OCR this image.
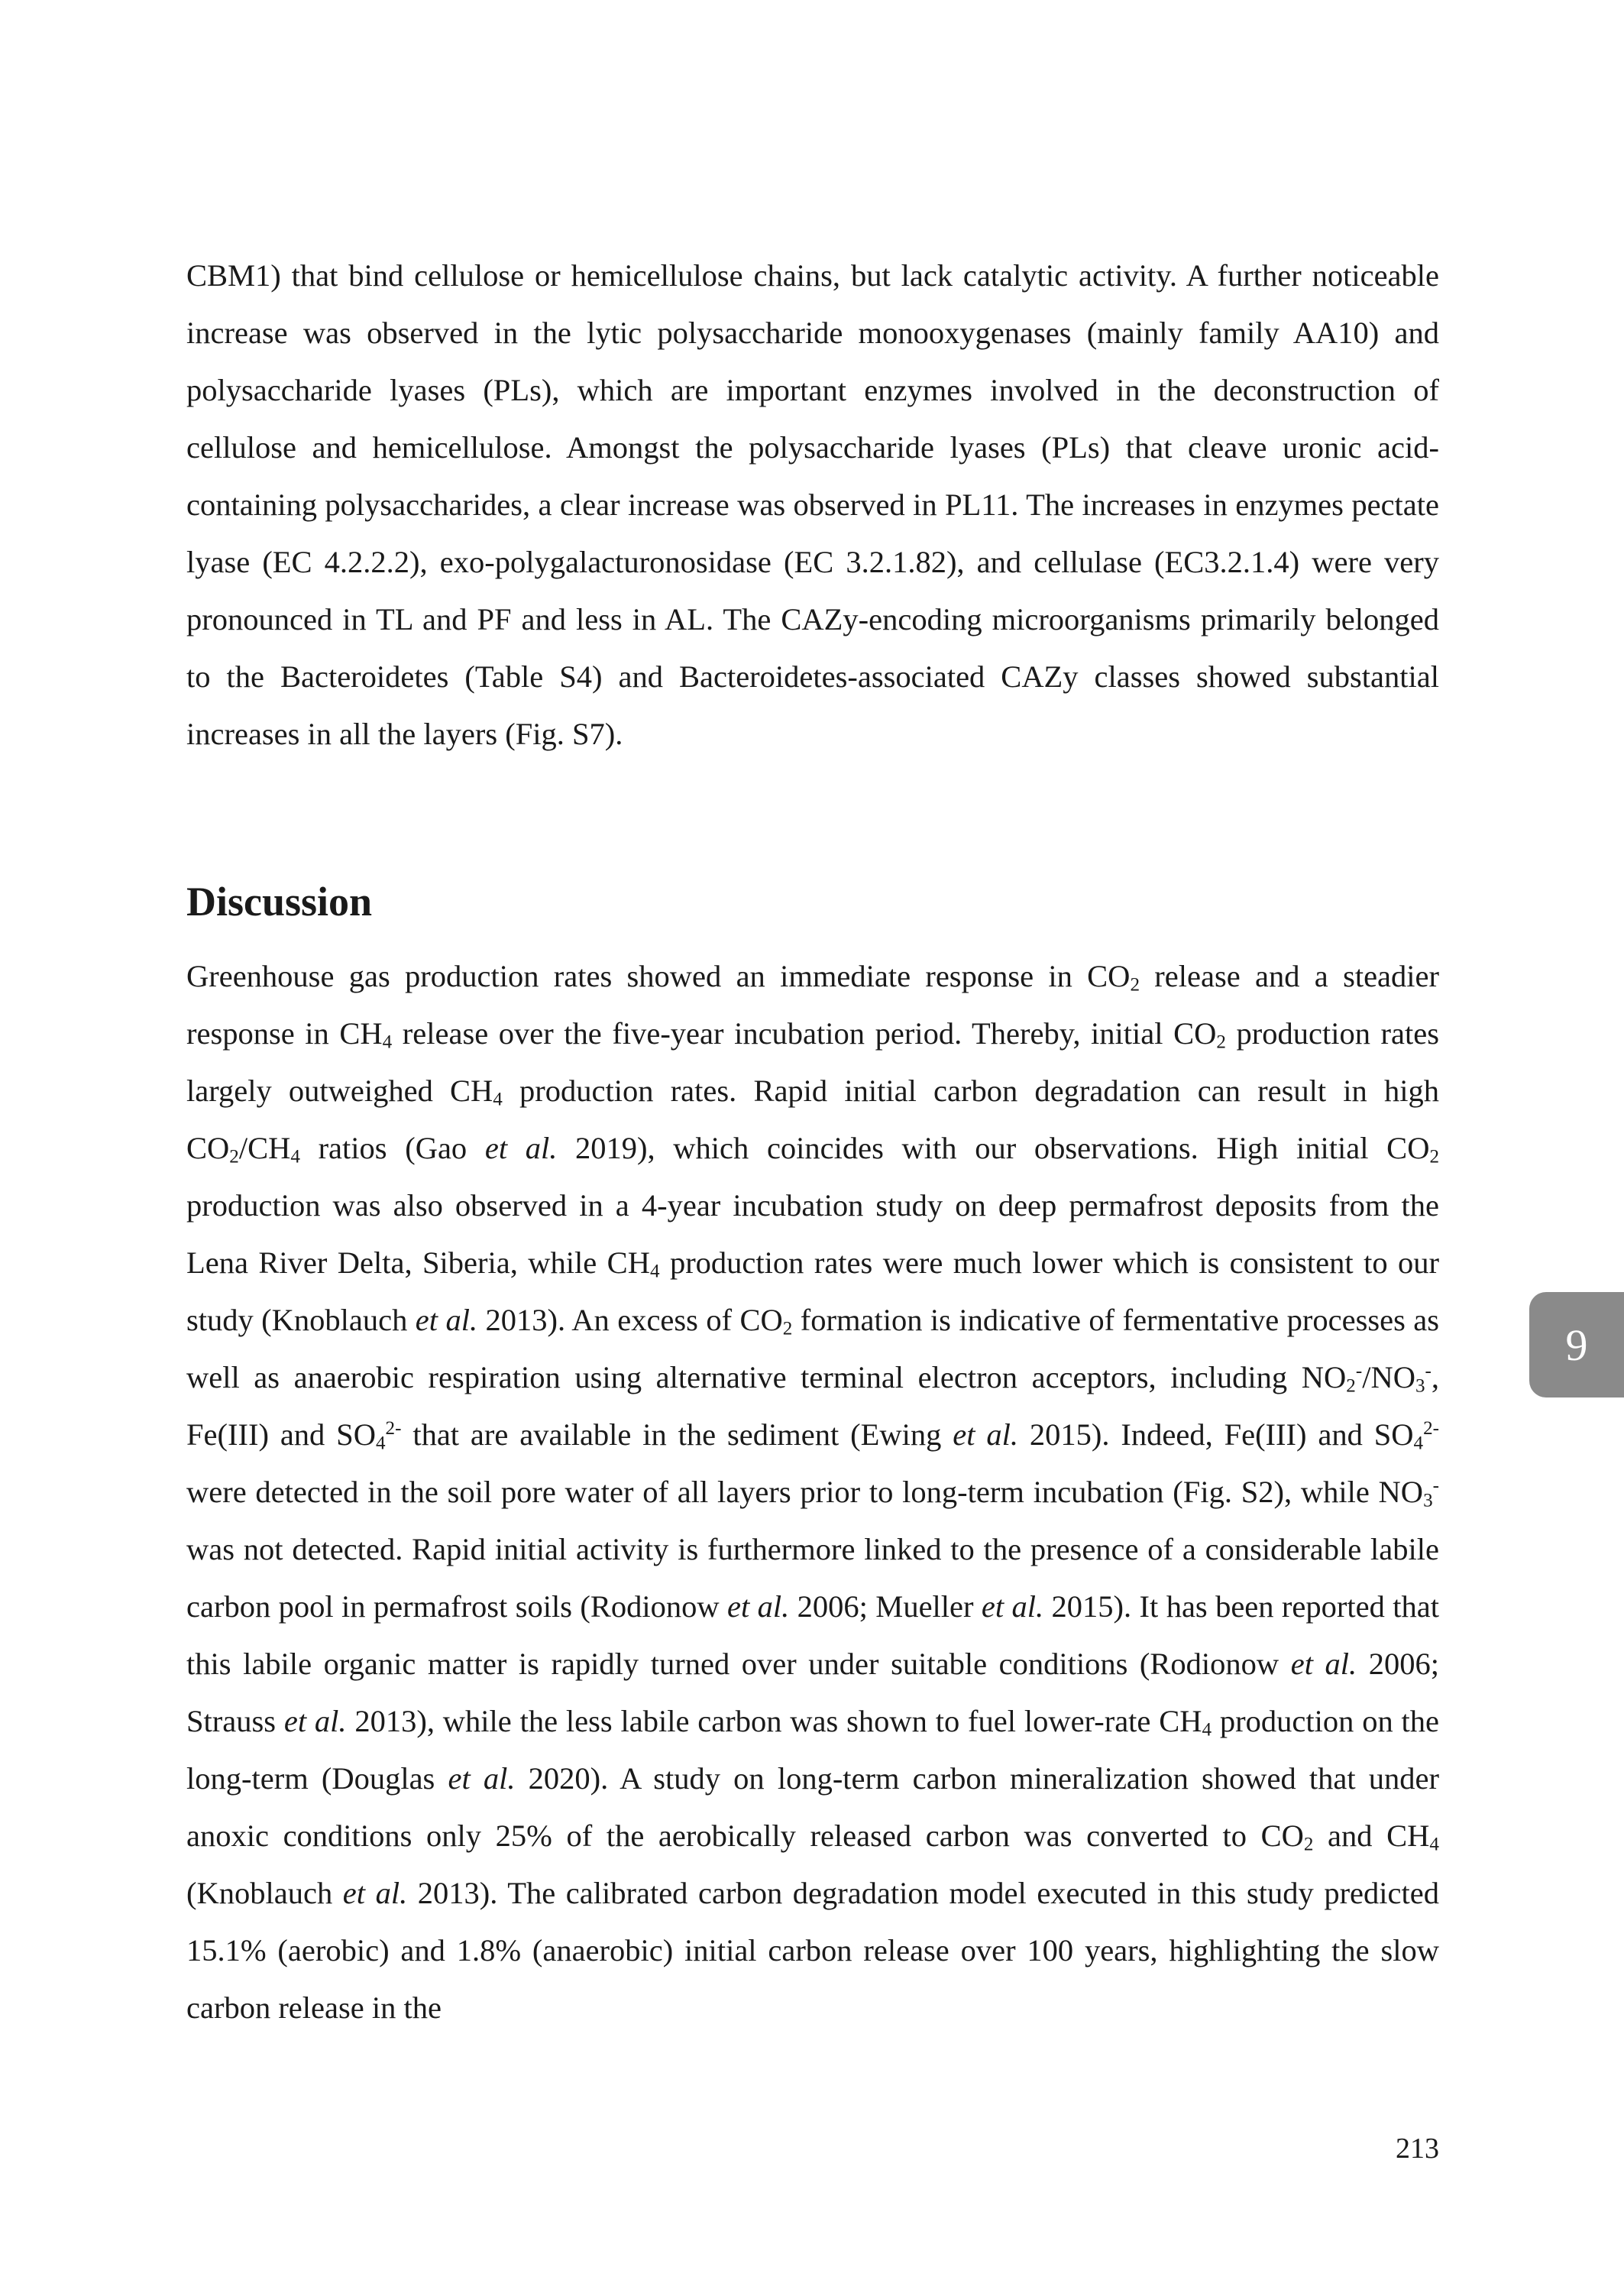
CBM1) that bind cellulose or hemicellulose chains, but lack catalytic activity. A further noticeable increase was observed in the lytic polysaccharide monooxygenases (mainly family AA10) and polysaccharide lyases (PLs), which are important enzymes involved in the deconstruction of cellulose and hemicellulose. Amongst the polysaccharide lyases (PLs) that cleave uronic acid-containing polysaccharides, a clear increase was observed in PL11. The increases in enzymes pectate lyase (EC 4.2.2.2), exo-polygalacturonosidase (EC 3.2.1.82), and cellulase (EC3.2.1.4) were very pronounced in TL and PF and less in AL. The CAZy-encoding microorganisms primarily belonged to the Bacteroidetes (Table S4) and Bacteroidetes-associated CAZy classes showed substantial increases in all the layers (Fig. S7).

Discussion

Greenhouse gas production rates showed an immediate response in $CO_2$ release and a steadier response in $CH_4$ release over the five-year incubation period. Thereby, initial $CO_2$ production rates largely outweighed $CH_4$ production rates. Rapid initial carbon degradation can result in high $CO_2/CH_4$ ratios (Gao et al. 2019), which coincides with our observations. High initial $CO_2$ production was also observed in a 4-year incubation study on deep permafrost deposits from the Lena River Delta, Siberia, while $CH_4$ production rates were much lower which is consistent to our study (Knoblauch et al. 2013). An excess of $CO_2$ formation is indicative of fermentative processes as well as anaerobic respiration using alternative terminal electron acceptors, including $NO_2^-/NO_3^-$, Fe(III) and $SO_4^{2-}$ that are available in the sediment (Ewing et al. 2015). Indeed, Fe(III) and $SO_4^{2-}$ were detected in the soil pore water of all layers prior to long-term incubation (Fig. S2), while $NO_3^-$ was not detected. Rapid initial activity is furthermore linked to the presence of a considerable labile carbon pool in permafrost soils (Rodionow et al. 2006; Mueller et al. 2015). It has been reported that this labile organic matter is rapidly turned over under suitable conditions (Rodionow et al. 2006; Strauss et al. 2013), while the less labile carbon was shown to fuel lower-rate $CH_4$ production on the long-term (Douglas et al. 2020). A study on long-term carbon mineralization showed that under anoxic conditions only 25% of the aerobically released carbon was converted to $CO_2$ and $CH_4$ (Knoblauch et al. 2013). The calibrated carbon degradation model executed in this study predicted 15.1% (aerobic) and 1.8% (anaerobic) initial carbon release over 100 years, highlighting the slow carbon release in the

9
213
